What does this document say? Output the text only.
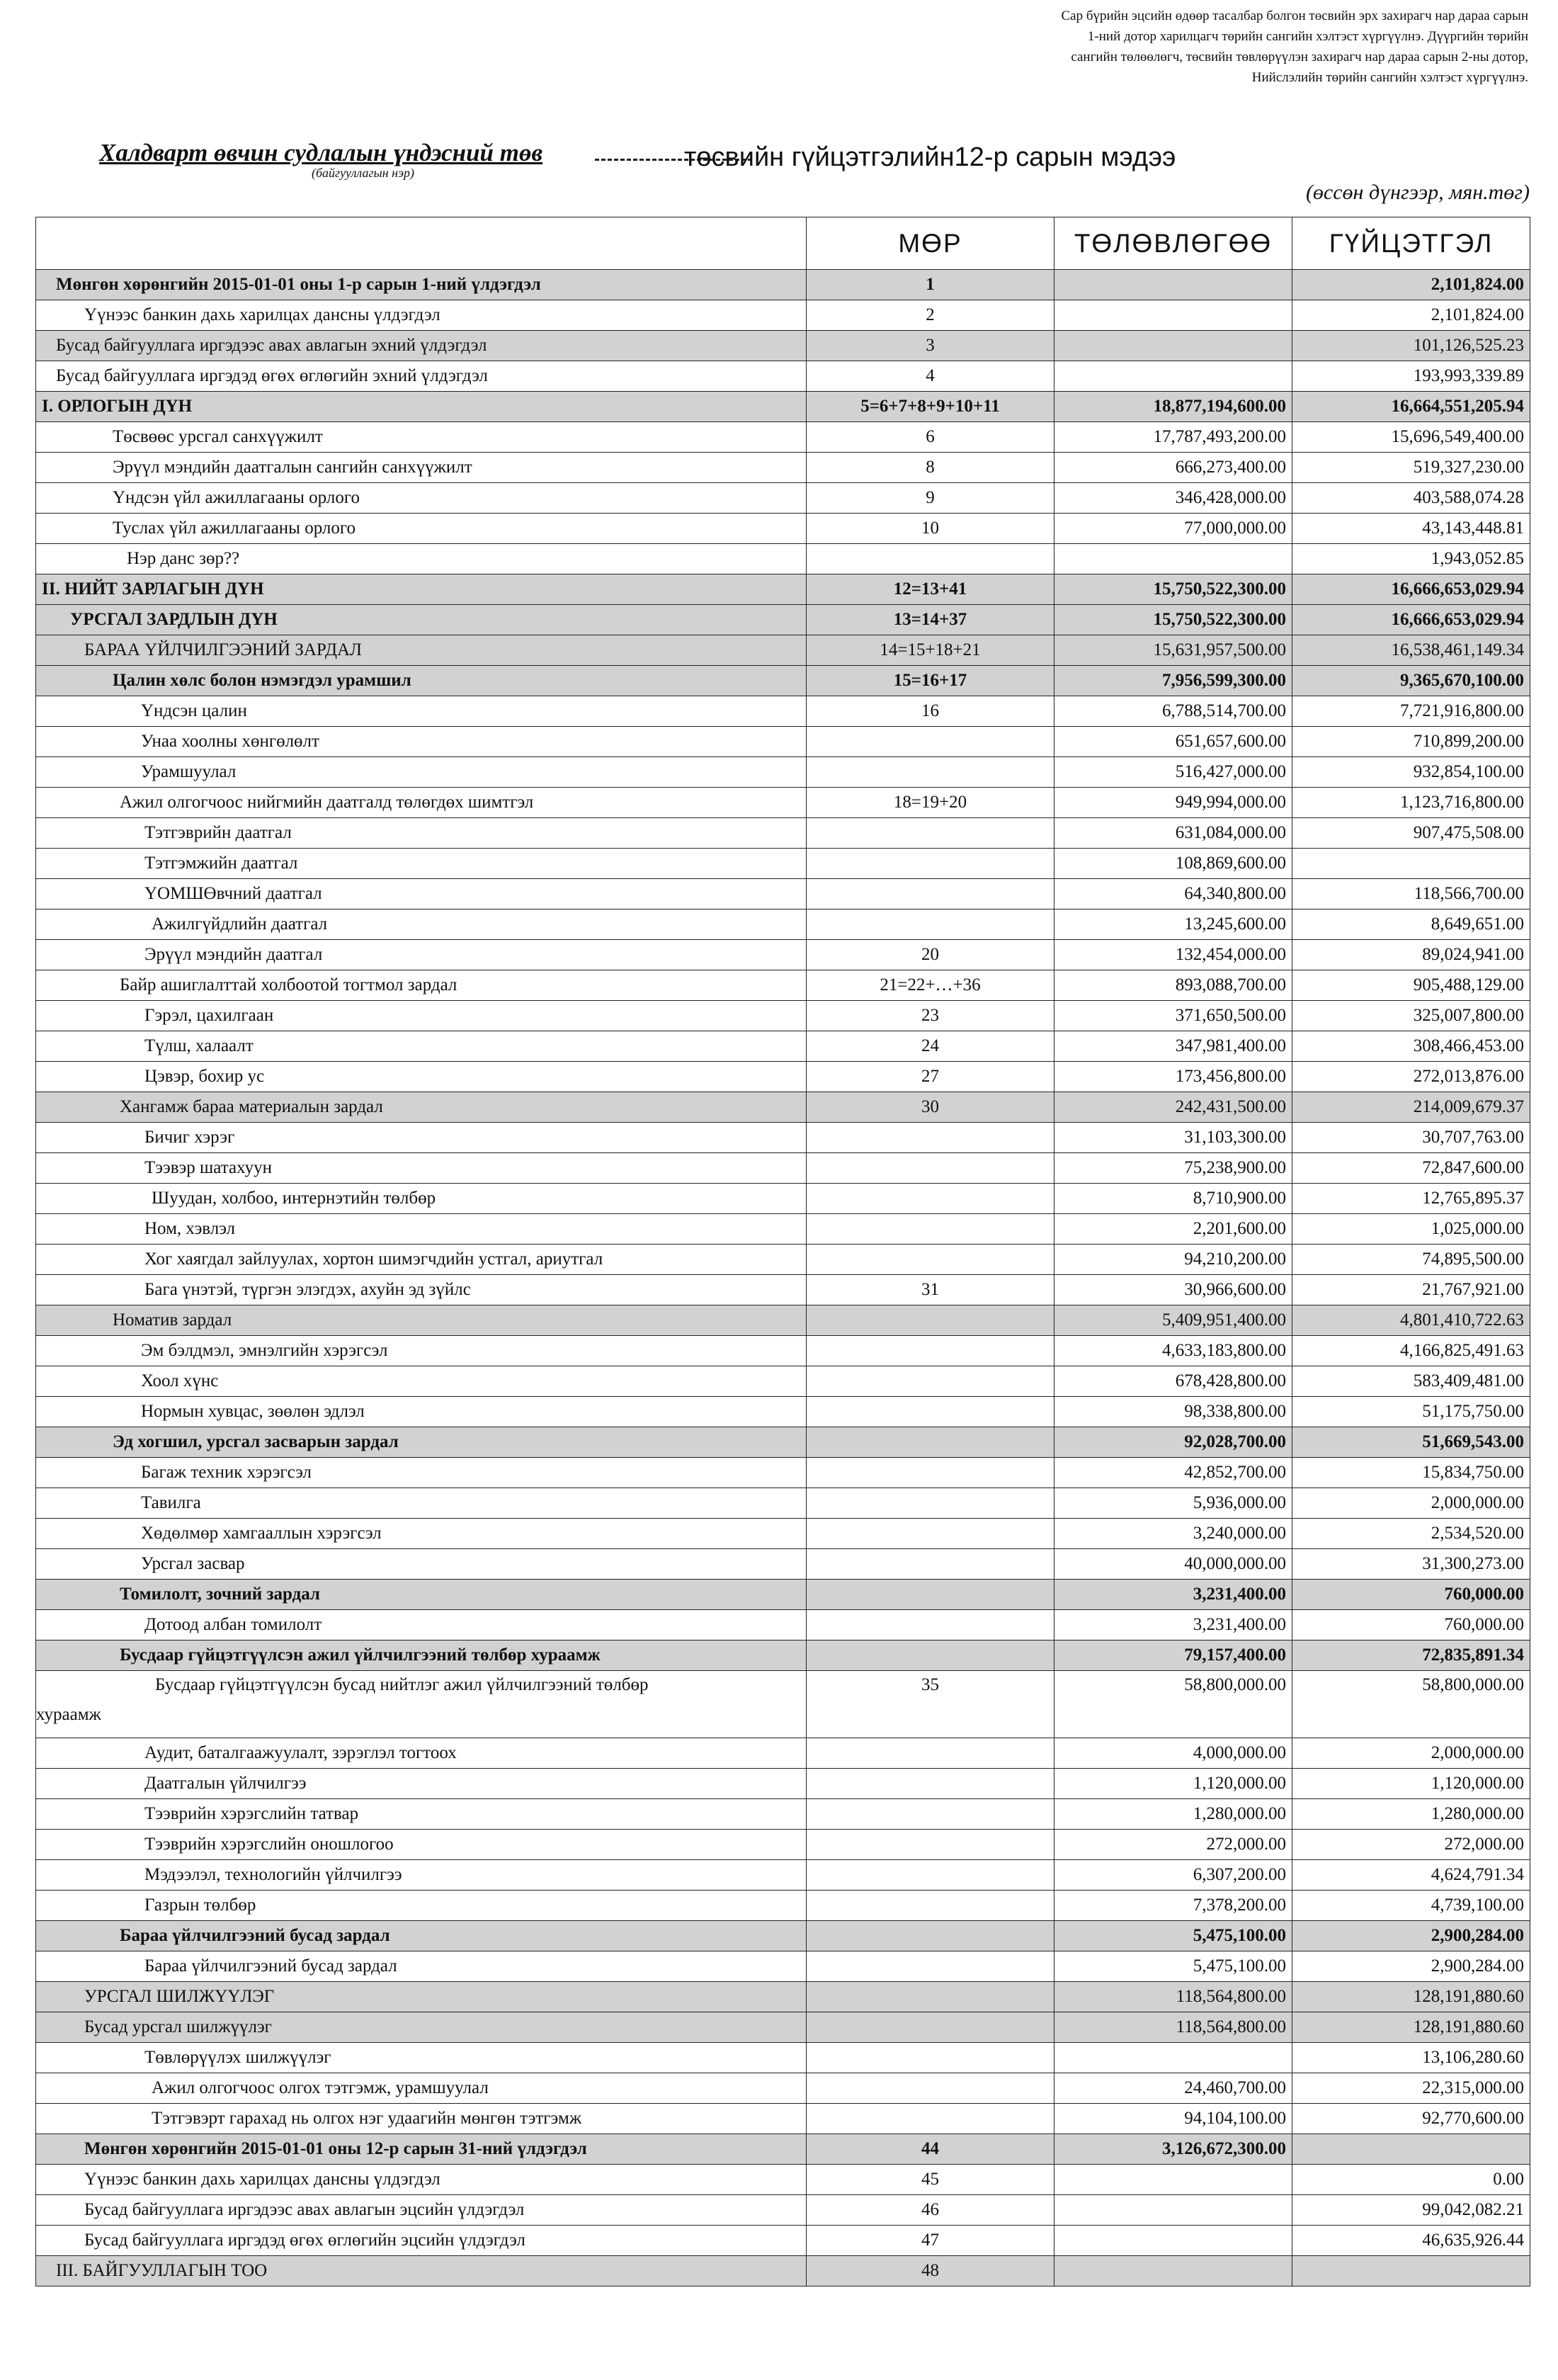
Сар бүрийн эцсийн өдөөр тасалбар болгон төсвийн эрх захирагч нар дараа сарын
1-ний дотор харилцагч төрийн сангийн хэлтэст хүргүүлнэ. Дүүргийн төрийн
сангийн төлөөлөгч, төсвийн төвлөрүүлэн захирагч нар дараа сарын 2-ны дотор,
Нийслэлийн төрийн сангийн хэлтэст хүргүүлнэ.
Халдварт өвчин судлалын үндэсний төв
(байгууллагын нэр)
төсвийн гүйцэтгэлийн12-р сарын мэдээ
(өссөн дүнгээр, мян.төг)
	МӨР	ТӨЛӨВЛӨГӨӨ	ГҮЙЦЭТГЭЛ
Мөнгөн хөрөнгийн 2015-01-01 оны 1-р сарын 1-ний үлдэгдэл	1		2,101,824.00
Үүнээс банкин дахь харилцах дансны үлдэгдэл	2		2,101,824.00
Бусад байгууллага иргэдээс авах авлагын эхний үлдэгдэл	3		101,126,525.23
Бусад байгууллага иргэдэд өгөх өглөгийн эхний үлдэгдэл	4		193,993,339.89
I. ОРЛОГЫН ДҮН	5=6+7+8+9+10+11	18,877,194,600.00	16,664,551,205.94
Төсвөөс урсгал санхүүжилт	6	17,787,493,200.00	15,696,549,400.00
Эрүүл мэндийн даатгалын сангийн санхүүжилт	8	666,273,400.00	519,327,230.00
Үндсэн үйл ажиллагааны орлого	9	346,428,000.00	403,588,074.28
Туслах үйл ажиллагааны орлого	10	77,000,000.00	43,143,448.81
Нэр данс зөр??			1,943,052.85
II. НИЙТ ЗАРЛАГЫН ДҮН	12=13+41	15,750,522,300.00	16,666,653,029.94
УРСГАЛ ЗАРДЛЫН ДҮН	13=14+37	15,750,522,300.00	16,666,653,029.94
БАРАА ҮЙЛЧИЛГЭЭНИЙ ЗАРДАЛ	14=15+18+21	15,631,957,500.00	16,538,461,149.34
Цалин хөлс болон нэмэгдэл урамшил	15=16+17	7,956,599,300.00	9,365,670,100.00
Үндсэн цалин	16	6,788,514,700.00	7,721,916,800.00
Унаа хоолны хөнгөлөлт		651,657,600.00	710,899,200.00
Урамшуулал		516,427,000.00	932,854,100.00
Ажил олгогчоос нийгмийн даатгалд төлөгдөх шимтгэл	18=19+20	949,994,000.00	1,123,716,800.00
Тэтгэврийн даатгал		631,084,000.00	907,475,508.00
Тэтгэмжийн даатгал		108,869,600.00	
ҮОМШӨвчний даатгал		64,340,800.00	118,566,700.00
Ажилгүйдлийн даатгал		13,245,600.00	8,649,651.00
Эрүүл мэндийн даатгал	20	132,454,000.00	89,024,941.00
Байр ашиглалттай холбоотой тогтмол зардал	21=22+…+36	893,088,700.00	905,488,129.00
Гэрэл, цахилгаан	23	371,650,500.00	325,007,800.00
Түлш, халаалт	24	347,981,400.00	308,466,453.00
Цэвэр, бохир ус	27	173,456,800.00	272,013,876.00
Хангамж бараа материалын зардал	30	242,431,500.00	214,009,679.37
Бичиг хэрэг		31,103,300.00	30,707,763.00
Тээвэр шатахуун		75,238,900.00	72,847,600.00
Шуудан, холбоо, интернэтийн төлбөр		8,710,900.00	12,765,895.37
Ном, хэвлэл		2,201,600.00	1,025,000.00
Хог хаягдал зайлуулах, хортон шимэгчдийн устгал, ариутгал		94,210,200.00	74,895,500.00
Бага үнэтэй, түргэн элэгдэх, ахуйн эд зүйлс	31	30,966,600.00	21,767,921.00
Номатив зардал		5,409,951,400.00	4,801,410,722.63
Эм бэлдмэл, эмнэлгийн хэрэгсэл		4,633,183,800.00	4,166,825,491.63
Хоол хүнс		678,428,800.00	583,409,481.00
Нормын хувцас, зөөлөн эдлэл		98,338,800.00	51,175,750.00
Эд хогшил, урсгал засварын зардал		92,028,700.00	51,669,543.00
Багаж техник хэрэгсэл		42,852,700.00	15,834,750.00
Тавилга		5,936,000.00	2,000,000.00
Хөдөлмөр хамгааллын хэрэгсэл		3,240,000.00	2,534,520.00
Урсгал засвар		40,000,000.00	31,300,273.00
Томилолт, зочний зардал		3,231,400.00	760,000.00
Дотоод албан томилолт		3,231,400.00	760,000.00
Бусдаар гүйцэтгүүлсэн ажил үйлчилгээний төлбөр хураамж		79,157,400.00	72,835,891.34

Бусдаар гүйцэтгүүлсэн бусад нийтлэг ажил үйлчилгээний төлбөр
хураамж	35	58,800,000.00	58,800,000.00
Аудит, баталгаажуулалт, зэрэглэл тогтоох		4,000,000.00	2,000,000.00
Даатгалын үйлчилгээ		1,120,000.00	1,120,000.00
Тээврийн хэрэгслийн татвар		1,280,000.00	1,280,000.00
Тээврийн хэрэгслийн оношлогоо		272,000.00	272,000.00
Мэдээлэл, технологийн үйлчилгээ		6,307,200.00	4,624,791.34
Газрын төлбөр		7,378,200.00	4,739,100.00
Бараа үйлчилгээний бусад зардал		5,475,100.00	2,900,284.00
Бараа үйлчилгээний бусад зардал		5,475,100.00	2,900,284.00
УРСГАЛ ШИЛЖҮҮЛЭГ		118,564,800.00	128,191,880.60
Бусад урсгал шилжүүлэг		118,564,800.00	128,191,880.60
Төвлөрүүлэх шилжүүлэг			13,106,280.60
Ажил олгогчоос олгох тэтгэмж, урамшуулал		24,460,700.00	22,315,000.00
Тэтгэвэрт гарахад нь олгох нэг удаагийн мөнгөн тэтгэмж		94,104,100.00	92,770,600.00
Мөнгөн хөрөнгийн 2015-01-01 оны 12-р сарын 31-ний үлдэгдэл	44	3,126,672,300.00	
Үүнээс банкин дахь харилцах дансны үлдэгдэл	45		0.00
Бусад байгууллага иргэдээс авах авлагын эцсийн үлдэгдэл	46		99,042,082.21
Бусад байгууллага иргэдэд өгөх өглөгийн эцсийн үлдэгдэл	47		46,635,926.44
III. БАЙГУУЛЛАГЫН ТОО	48		
